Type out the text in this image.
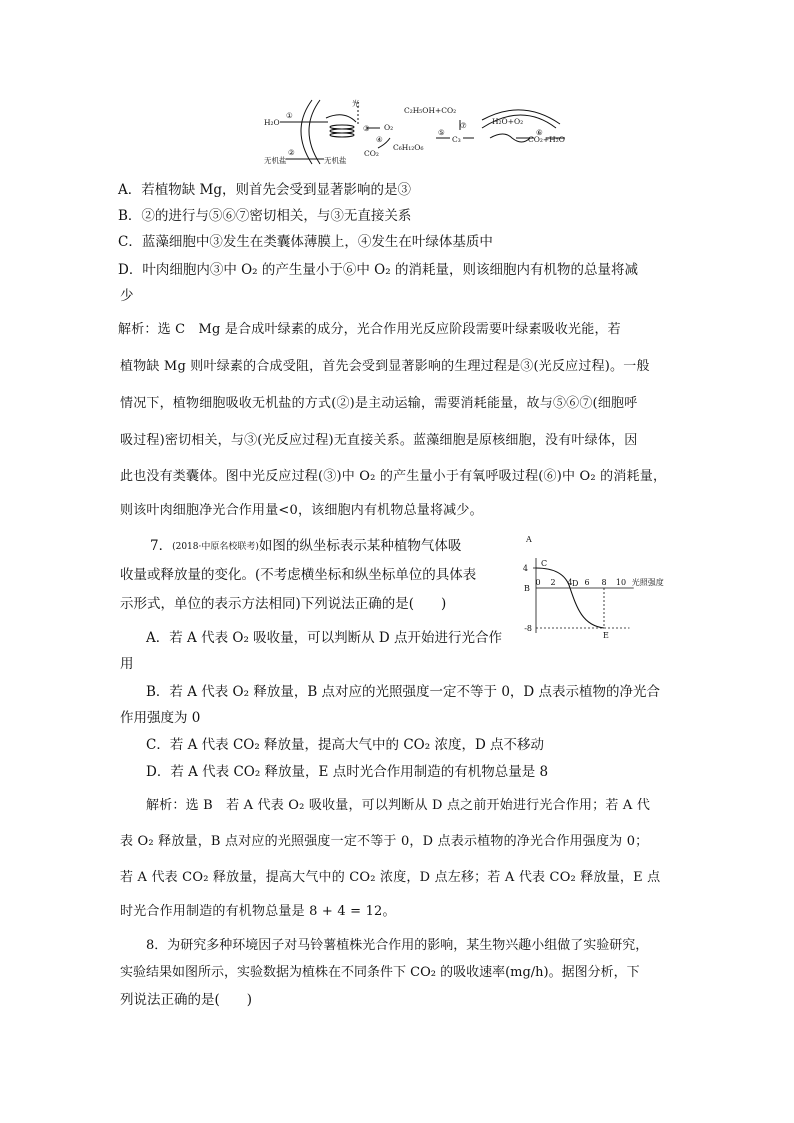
H₂O
①
②
无机盐	无机盐
光
③ O₂
④
CO₂
C₆H₁₂O₆
⑤
C₃
⑦
C₂H₅OH+CO₂
H₂O+O₂
⑥
CO₂+H₂O
A．若植物缺 Mg，则首先会受到显著影响的是③
B．②的进行与⑤⑥⑦密切相关，与③无直接关系
C．蓝藻细胞中③发生在类囊体薄膜上，④发生在叶绿体基质中
D．叶肉细胞内③中 O₂ 的产生量小于⑥中 O₂ 的消耗量，则该细胞内有机物的总量将减
少
解析：选 C　Mg 是合成叶绿素的成分，光合作用光反应阶段需要叶绿素吸收光能，若
植物缺 Mg 则叶绿素的合成受阻，首先会受到显著影响的生理过程是③(光反应过程)。一般
情况下，植物细胞吸收无机盐的方式(②)是主动运输，需要消耗能量，故与⑤⑥⑦(细胞呼
吸过程)密切相关，与③(光反应过程)无直接关系。蓝藻细胞是原核细胞，没有叶绿体，因
此也没有类囊体。图中光反应过程(③)中 O₂ 的产生量小于有氧呼吸过程(⑥)中 O₂ 的消耗量，
则该叶肉细胞净光合作用量<0，该细胞内有机物总量将减少。
7．(2018·中原名校联考)如图的纵坐标表示某种植物气体吸
收量或释放量的变化。(不考虑横坐标和纵坐标单位的具体表
示形式，单位的表示方法相同)下列说法正确的是(　　)
A
B
4
-8
0 2 4 6 8 10 光照强度
C
D
E
A．若 A 代表 O₂ 吸收量，可以判断从 D 点开始进行光合作
用
B．若 A 代表 O₂ 释放量，B 点对应的光照强度一定不等于 0，D 点表示植物的净光合
作用强度为 0
C．若 A 代表 CO₂ 释放量，提高大气中的 CO₂ 浓度，D 点不移动
D．若 A 代表 CO₂ 释放量，E 点时光合作用制造的有机物总量是 8
解析：选 B　若 A 代表 O₂ 吸收量，可以判断从 D 点之前开始进行光合作用；若 A 代
表 O₂ 释放量，B 点对应的光照强度一定不等于 0，D 点表示植物的净光合作用强度为 0；
若 A 代表 CO₂ 释放量，提高大气中的 CO₂ 浓度，D 点左移；若 A 代表 CO₂ 释放量，E 点
时光合作用制造的有机物总量是 8 + 4 = 12。
8．为研究多种环境因子对马铃薯植株光合作用的影响，某生物兴趣小组做了实验研究，
实验结果如图所示，实验数据为植株在不同条件下 CO₂ 的吸收速率(mg/h)。据图分析，下
列说法正确的是(　　)
